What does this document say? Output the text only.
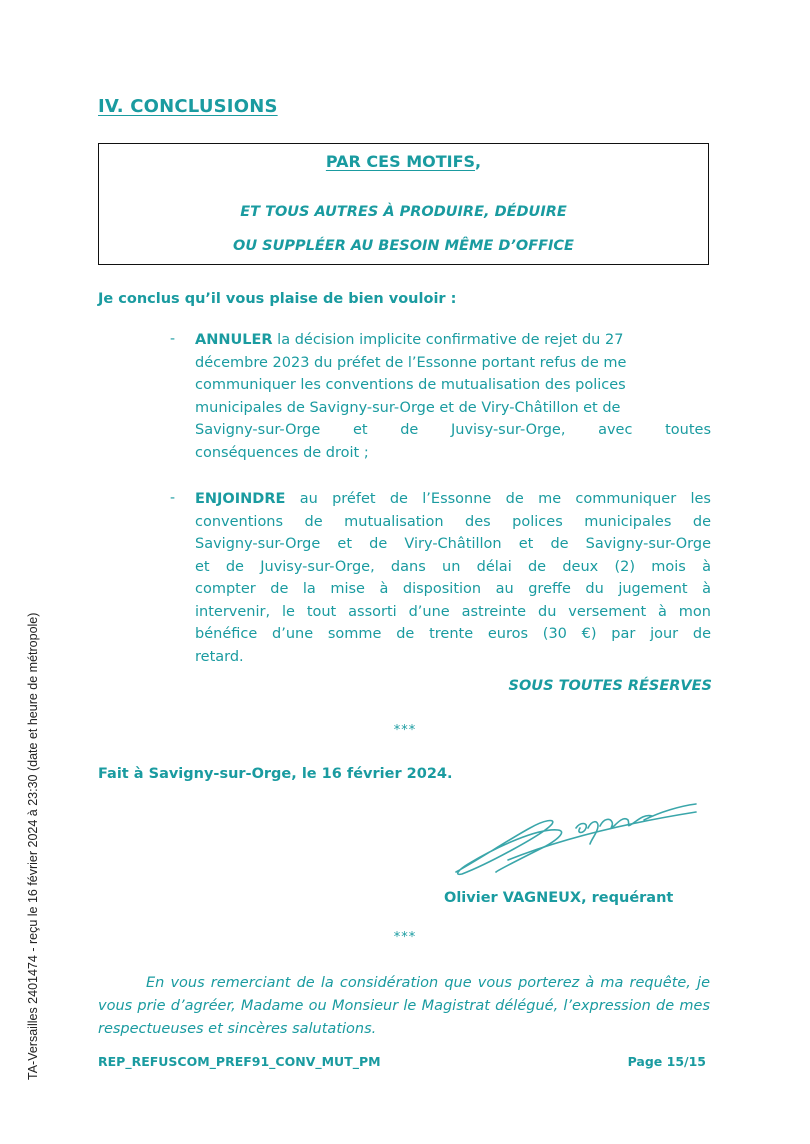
IV. CONCLUSIONS
PAR CES MOTIFS,
ET TOUS AUTRES À PRODUIRE, DÉDUIRE
OU SUPPLÉER AU BESOIN MÊME D’OFFICE
Je conclus qu’il vous plaise de bien vouloir :
- ANNULER la décision implicite confirmative de rejet du 27
décembre 2023 du préfet de l’Essonne portant refus de me
communiquer les conventions de mutualisation des polices
municipales de Savigny-sur-Orge et de Viry-Châtillon et de
Savigny-sur-Orge et de Juvisy-sur-Orge, avec toutes
conséquences de droit ;
- ENJOINDRE au préfet de l’Essonne de me communiquer les
conventions de mutualisation des polices municipales de
Savigny-sur-Orge et de Viry-Châtillon et de Savigny-sur-Orge
et de Juvisy-sur-Orge, dans un délai de deux (2) mois à
compter de la mise à disposition au greffe du jugement à
intervenir, le tout assorti d’une astreinte du versement à mon
bénéfice d’une somme de trente euros (30 €) par jour de
retard.
SOUS TOUTES RÉSERVES
***
Fait à Savigny-sur-Orge, le 16 février 2024.
Olivier VAGNEUX, requérant
***
En vous remerciant de la considération que vous porterez à ma requête, je vous prie d’agréer, Madame ou Monsieur le Magistrat délégué, l’expression de mes respectueuses et sincères salutations.
REP_REFUSCOM_PREF91_CONV_MUT_PM	Page 15/15
TA-Versailles 2401474 - reçu le 16 février 2024 à 23:30 (date et heure de métropole)
